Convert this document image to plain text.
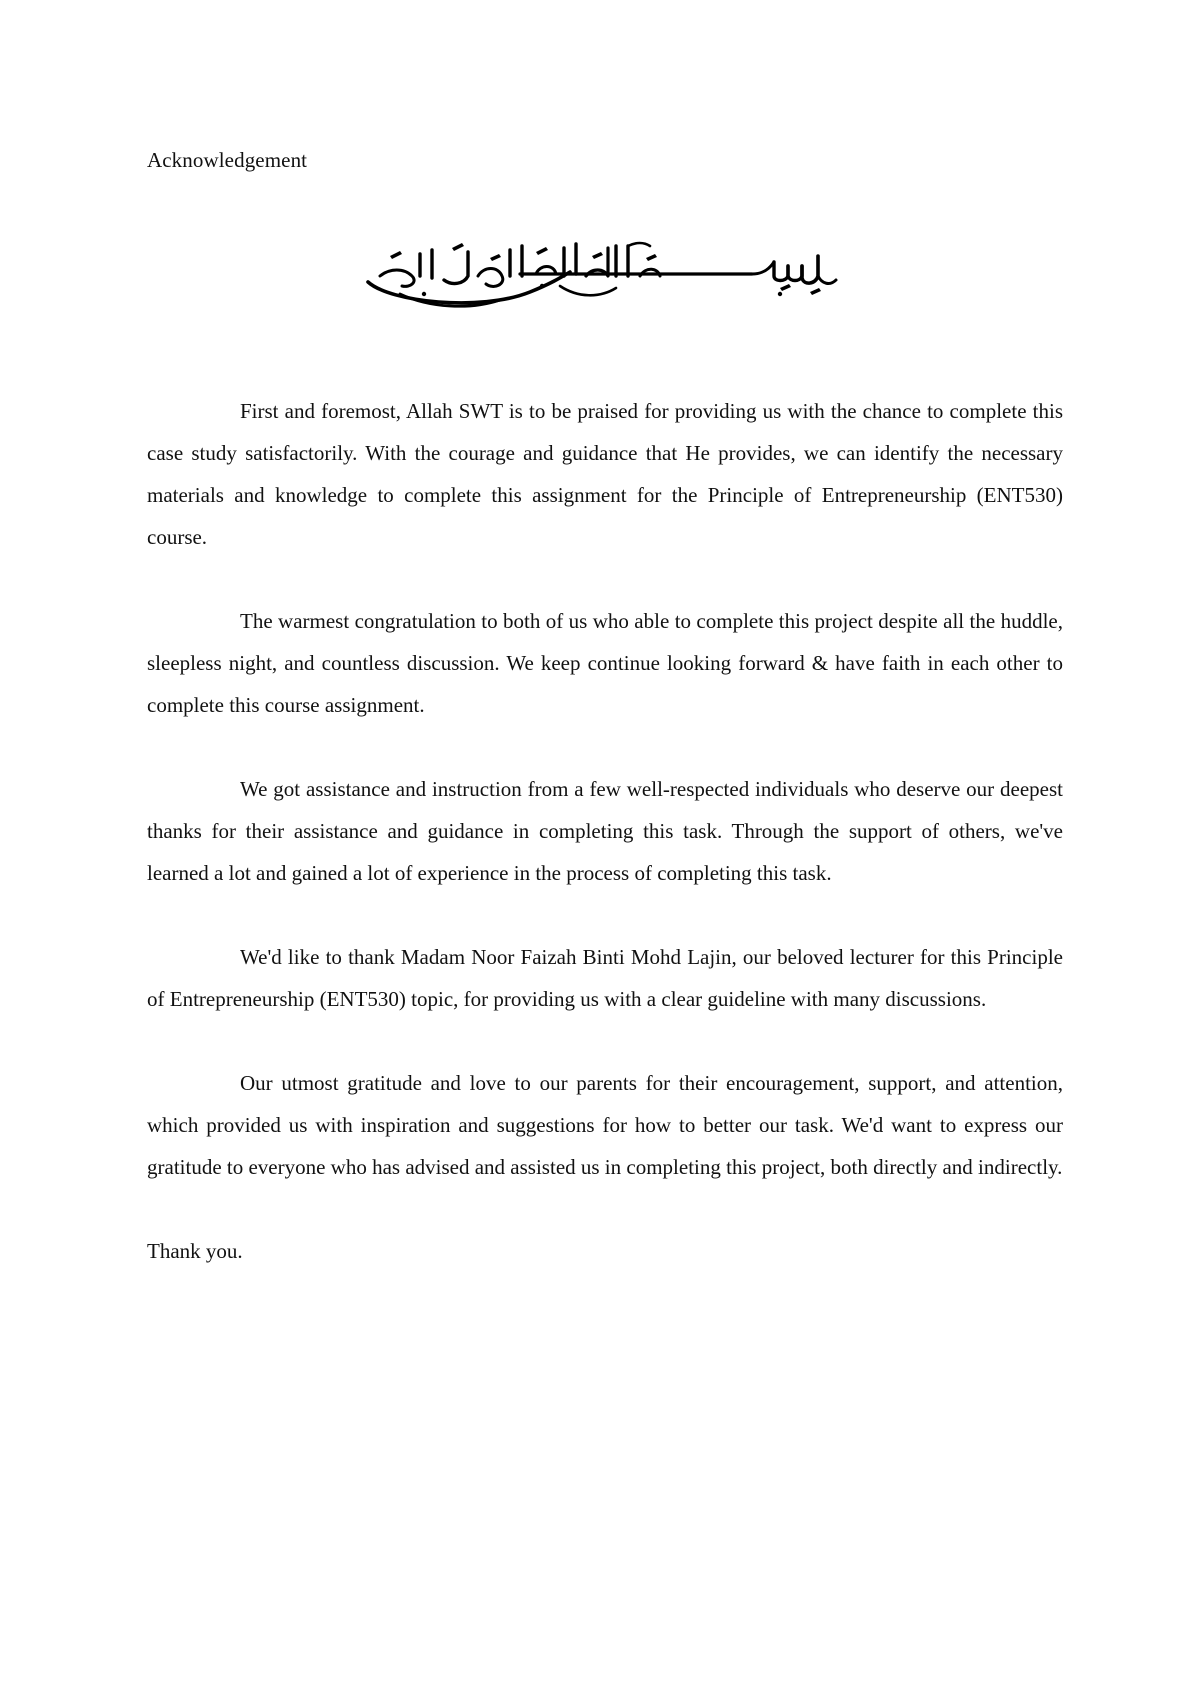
Acknowledgement

First and foremost, Allah SWT is to be praised for providing us with the chance to complete this case study satisfactorily. With the courage and guidance that He provides, we can identify the necessary materials and knowledge to complete this assignment for the Principle of Entrepreneurship (ENT530) course.

The warmest congratulation to both of us who able to complete this project despite all the huddle, sleepless night, and countless discussion. We keep continue looking forward & have faith in each other to complete this course assignment.

We got assistance and instruction from a few well-respected individuals who deserve our deepest thanks for their assistance and guidance in completing this task. Through the support of others, we've learned a lot and gained a lot of experience in the process of completing this task.

We'd like to thank Madam Noor Faizah Binti Mohd Lajin, our beloved lecturer for this Principle of Entrepreneurship (ENT530) topic, for providing us with a clear guideline with many discussions.

Our utmost gratitude and love to our parents for their encouragement, support, and attention, which provided us with inspiration and suggestions for how to better our task. We'd want to express our gratitude to everyone who has advised and assisted us in completing this project, both directly and indirectly.

Thank you.
